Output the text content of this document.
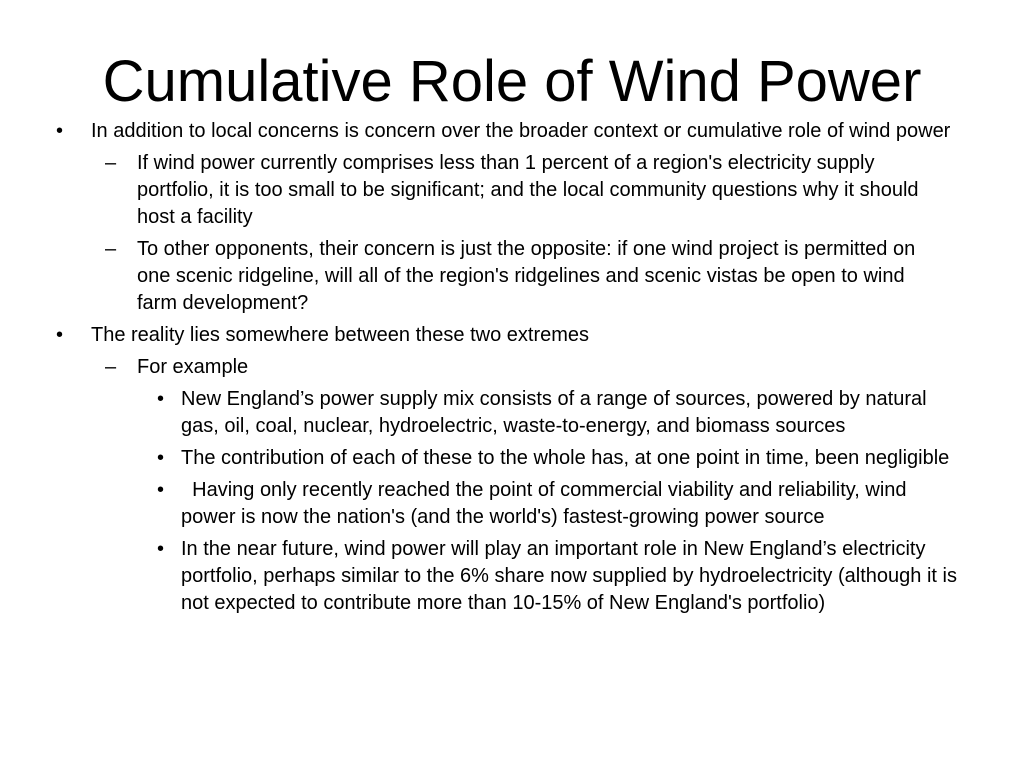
Cumulative Role of Wind Power
• In addition to local concerns is concern over the broader context or cumulative role of wind power
– If wind power currently comprises less than 1 percent of a region's electricity supply portfolio, it is too small to be significant; and the local community questions why it should host a facility
– To other opponents, their concern is just the opposite: if one wind project is permitted on one scenic ridgeline, will all of the region's ridgelines and scenic vistas be open to wind farm development?
• The reality lies somewhere between these two extremes
– For example
• New England’s power supply mix consists of a range of sources, powered by natural gas, oil, coal, nuclear, hydroelectric, waste-to-energy, and biomass sources
• The contribution of each of these to the whole has, at one point in time, been negligible
• Having only recently reached the point of commercial viability and reliability, wind power is now the nation's (and the world's) fastest-growing power source
• In the near future, wind power will play an important role in New England’s electricity portfolio, perhaps similar to the 6% share now supplied by hydroelectricity (although it is not expected to contribute more than 10-15% of New England's portfolio)
